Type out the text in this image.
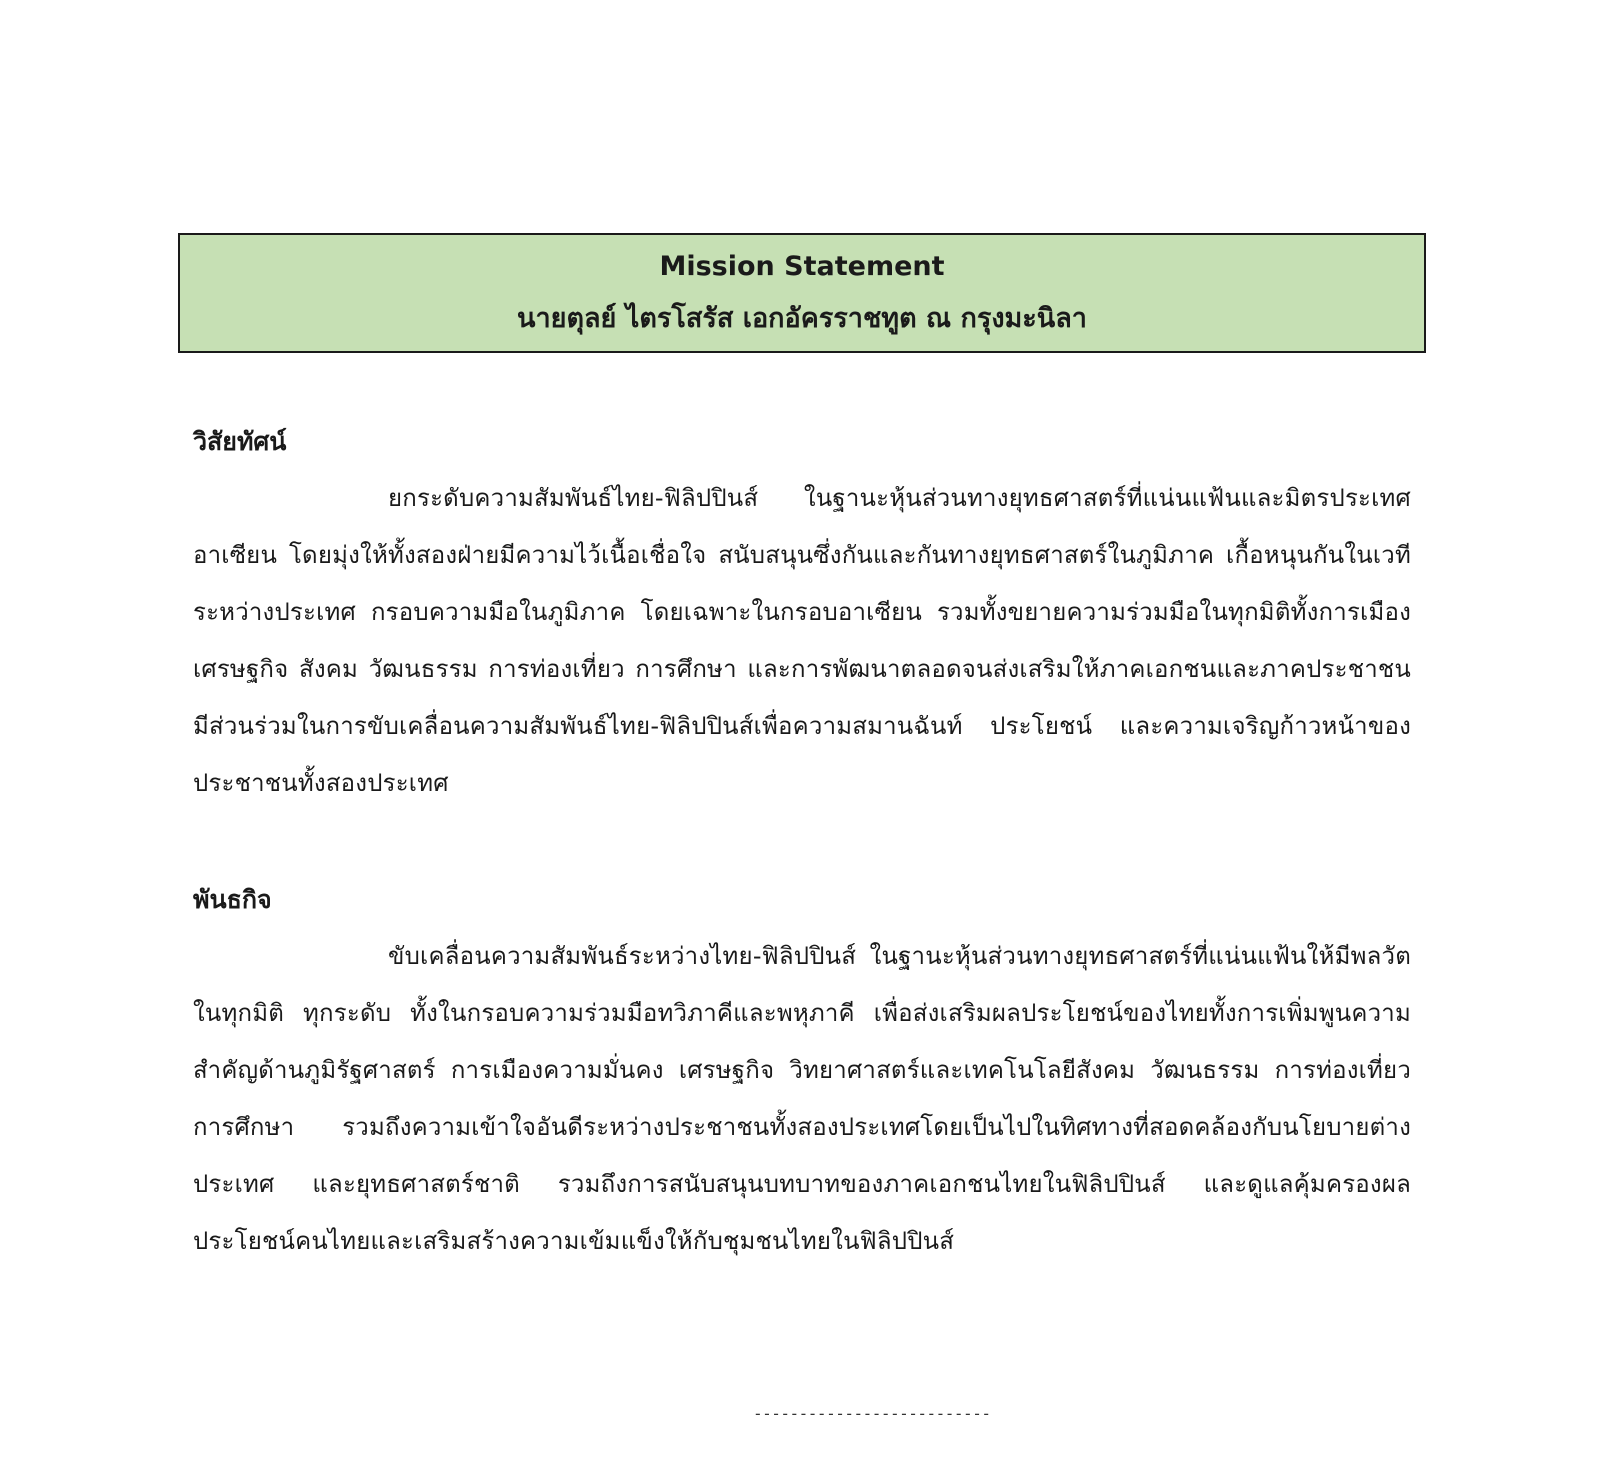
Mission Statement
นายตุลย์ ไตรโสรัส เอกอัครราชทูต ณ กรุงมะนิลา
วิสัยทัศน์

ยกระดับความสัมพันธ์ไทย-ฟิลิปปินส์ ในฐานะหุ้นส่วนทางยุทธศาสตร์ที่แน่นแฟ้นและมิตรประเทศอาเซียน โดยมุ่งให้ทั้งสองฝ่ายมีความไว้เนื้อเชื่อใจ สนับสนุนซึ่งกันและกันทางยุทธศาสตร์ในภูมิภาค เกื้อหนุนกันในเวทีระหว่างประเทศ กรอบความมือในภูมิภาค โดยเฉพาะในกรอบอาเซียน รวมทั้งขยายความร่วมมือในทุกมิติทั้งการเมือง เศรษฐกิจ สังคม วัฒนธรรม การท่องเที่ยว การศึกษา และการพัฒนาตลอดจนส่งเสริมให้ภาคเอกชนและภาคประชาชนมีส่วนร่วมในการขับเคลื่อนความสัมพันธ์ไทย-ฟิลิปปินส์เพื่อความสมานฉันท์ ประโยชน์ และความเจริญก้าวหน้าของประชาชนทั้งสองประเทศ

พันธกิจ

ขับเคลื่อนความสัมพันธ์ระหว่างไทย-ฟิลิปปินส์ ในฐานะหุ้นส่วนทางยุทธศาสตร์ที่แน่นแฟ้นให้มีพลวัตในทุกมิติ ทุกระดับ ทั้งในกรอบความร่วมมือทวิภาคีและพหุภาคี เพื่อส่งเสริมผลประโยชน์ของไทยทั้งการเพิ่มพูนความสำคัญด้านภูมิรัฐศาสตร์ การเมืองความมั่นคง เศรษฐกิจ วิทยาศาสตร์และเทคโนโลยีสังคม วัฒนธรรม การท่องเที่ยว การศึกษา รวมถึงความเข้าใจอันดีระหว่างประชาชนทั้งสองประเทศโดยเป็นไปในทิศทางที่สอดคล้องกับนโยบายต่างประเทศ และยุทธศาสตร์ชาติ รวมถึงการสนับสนุนบทบาทของภาคเอกชนไทยในฟิลิปปินส์ และดูแลคุ้มครองผลประโยชน์คนไทยและเสริมสร้างความเข้มแข็งให้กับชุมชนไทยในฟิลิปปินส์

--------------------------
